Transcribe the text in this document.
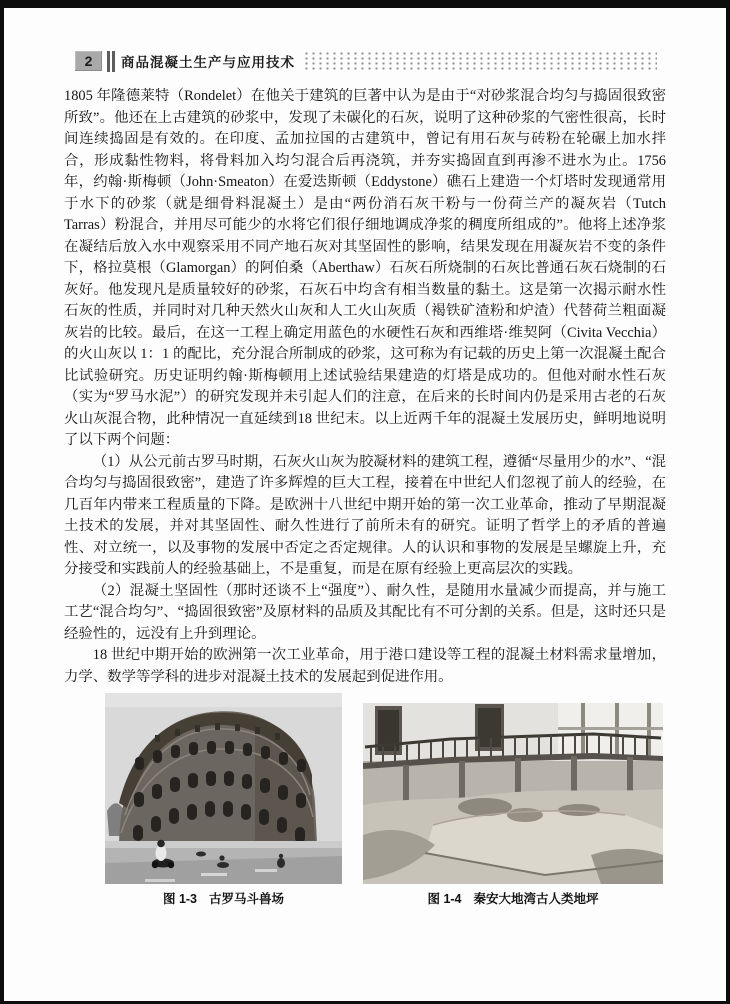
2	商品混凝土生产与应用技术

1805 年隆德莱特（Rondelet）在他关于建筑的巨著中认为是由于“对砂浆混合均匀与捣固很致密所致”。他还在上古建筑的砂浆中，发现了未碳化的石灰，说明了这种砂浆的气密性很高，长时间连续捣固是有效的。在印度、孟加拉国的古建筑中，曾记有用石灰与砖粉在轮碾上加水拌合，形成黏性物料，将骨料加入均匀混合后再浇筑，并夯实捣固直到再渗不进水为止。1756 年，约翰·斯梅顿（John·Smeaton）在爱迭斯顿（Eddystone）礁石上建造一个灯塔时发现通常用于水下的砂浆（就是细骨料混凝土）是由“两份消石灰干粉与一份荷兰产的凝灰岩（Tutch Tarras）粉混合，并用尽可能少的水将它们很仔细地调成净浆的稠度所组成的”。他将上述净浆在凝结后放入水中观察采用不同产地石灰对其坚固性的影响，结果发现在用凝灰岩不变的条件下，格拉莫根（Glamorgan）的阿伯桑（Aberthaw）石灰石所烧制的石灰比普通石灰石烧制的石灰好。他发现凡是质量较好的砂浆，石灰石中均含有相当数量的黏土。这是第一次揭示耐水性石灰的性质，并同时对几种天然火山灰和人工火山灰质（褐铁矿渣粉和炉渣）代替荷兰粗面凝灰岩的比较。最后，在这一工程上确定用蓝色的水硬性石灰和西维塔·维契阿（Civita Vecchia）的火山灰以 1：1 的配比，充分混合所制成的砂浆，这可称为有记载的历史上第一次混凝土配合比试验研究。历史证明约翰·斯梅顿用上述试验结果建造的灯塔是成功的。但他对耐水性石灰（实为“罗马水泥”）的研究发现并未引起人们的注意，在后来的长时间内仍是采用古老的石灰火山灰混合物，此种情况一直延续到18 世纪末。以上近两千年的混凝土发展历史，鲜明地说明了以下两个问题：

（1）从公元前古罗马时期，石灰火山灰为胶凝材料的建筑工程，遵循“尽量用少的水”、“混合均匀与捣固很致密”，建造了许多辉煌的巨大工程，接着在中世纪人们忽视了前人的经验，在几百年内带来工程质量的下降。是欧洲十八世纪中期开始的第一次工业革命，推动了早期混凝土技术的发展，并对其坚固性、耐久性进行了前所未有的研究。证明了哲学上的矛盾的普遍性、对立统一，以及事物的发展中否定之否定规律。人的认识和事物的发展是呈螺旋上升，充分接受和实践前人的经验基础上，不是重复，而是在原有经验上更高层次的实践。

（2）混凝土坚固性（那时还谈不上“强度”）、耐久性，是随用水量减少而提高，并与施工工艺“混合均匀”、“捣固很致密”及原材料的品质及其配比有不可分割的关系。但是，这时还只是经验性的，远没有上升到理论。

18 世纪中期开始的欧洲第一次工业革命，用于港口建设等工程的混凝土材料需求量增加，力学、数学等学科的进步对混凝土技术的发展起到促进作用。

图 1-3 古罗马斗兽场	图 1-4 秦安大地湾古人类地坪
